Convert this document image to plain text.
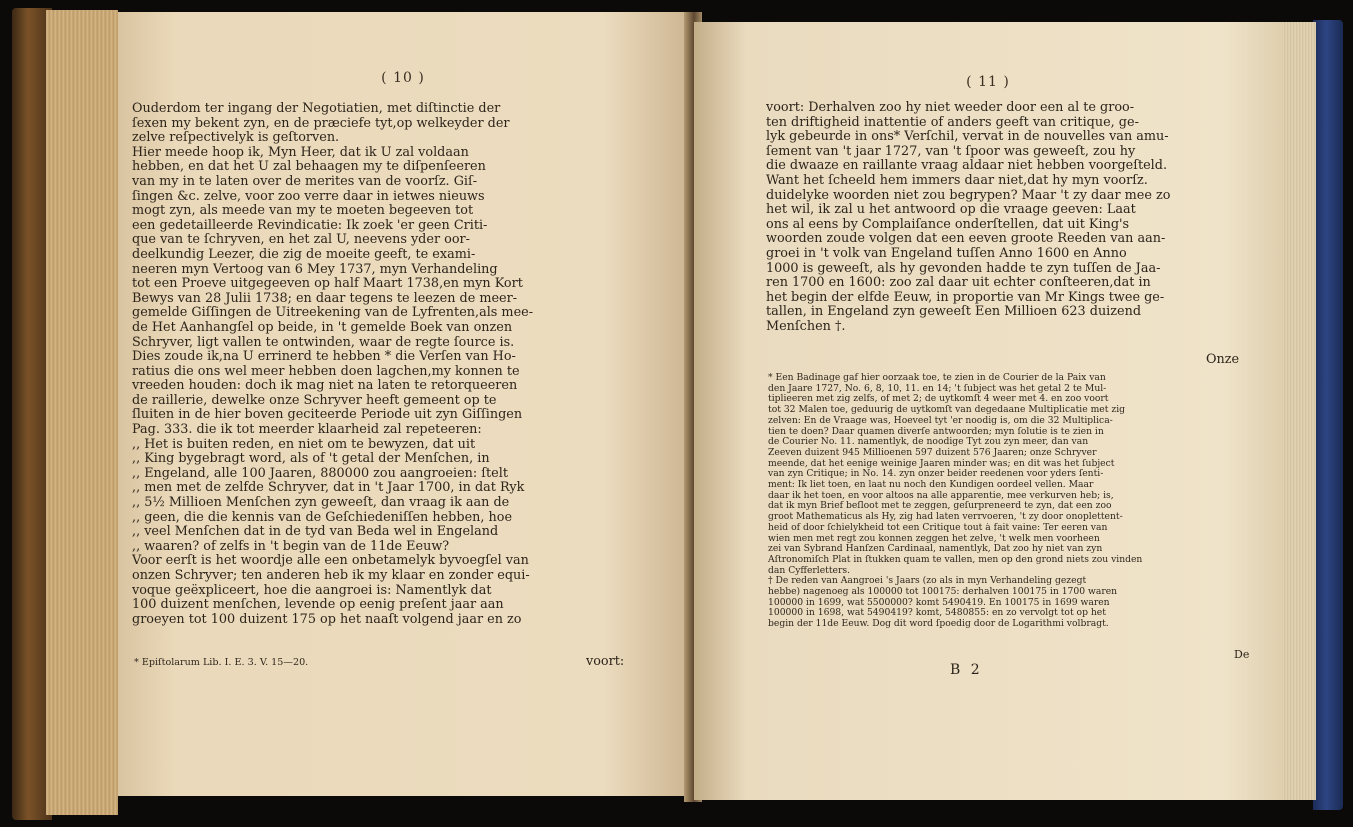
( 10 )
Ouderdom ter ingang der Negotiatien, met diſtinctie der
ſexen my bekent zyn, en de præciefe tyt,op welkeyder der
zelve reſpectivelyk is geſtorven.
Hier meede hoop ik, Myn Heer, dat ik U zal voldaan
hebben, en dat het U zal behaagen my te diſpenſeeren
van my in te laten over de merites van de voorſz. Giſ-
ſingen &c. zelve, voor zoo verre daar in ietwes nieuws
mogt zyn, als meede van my te moeten begeeven tot
een gedetailleerde Revindicatie: Ik zoek 'er geen Criti-
que van te ſchryven, en het zal U, neevens yder oor-
deelkundig Leezer, die zig de moeite geeft, te exami-
neeren myn Vertoog van 6 Mey 1737, myn Verhandeling
tot een Proeve uitgegeeven op half Maart 1738,en myn Kort
Bewys van 28 Julii 1738; en daar tegens te leezen de meer-
gemelde Giſſingen de Uitreekening van de Lyfrenten,als mee-
de Het Aanhangſel op beide, in 't gemelde Boek van onzen
Schryver, ligt vallen te ontwinden, waar de regte ſource is.
Dies zoude ik,na U errinerd te hebben * die Verſen van Ho-
ratius die ons wel meer hebben doen lagchen,my konnen te
vreeden houden: doch ik mag niet na laten te retorqueeren
de raillerie, dewelke onze Schryver heeft gemeent op te
ſluiten in de hier boven geciteerde Periode uit zyn Giſſingen
Pag. 333. die ik tot meerder klaarheid zal repeteeren:
,, Het is buiten reden, en niet om te bewyzen, dat uit
,, King bygebragt word, als of 't getal der Menſchen, in
,, Engeland, alle 100 Jaaren, 880000 zou aangroeien: ſtelt
,, men met de zelfde Schryver, dat in 't Jaar 1700, in dat Ryk
,, 5½ Millioen Menſchen zyn geweeſt, dan vraag ik aan de
,, geen, die die kennis van de Geſchiedeniſſen hebben, hoe
,, veel Menſchen dat in de tyd van Beda wel in Engeland
,, waaren? of zelfs in 't begin van de 11de Eeuw?
Voor eerſt is het woordje alle een onbetamelyk byvoegſel van
onzen Schryver; ten anderen heb ik my klaar en zonder equi-
voque geëxpliceert, hoe die aangroei is: Namentlyk dat
100 duizent menſchen, levende op eenig preſent jaar aan
groeyen tot 100 duizent 175 op het naaſt volgend jaar en zo
voort:
* Epiſtolarum Lib. I. E. 3. V. 15—20.
( 11 )
voort: Derhalven zoo hy niet weeder door een al te groo-
ten driftigheid inattentie of anders geeft van critique, ge-
lyk gebeurde in ons* Verſchil, vervat in de nouvelles van amu-
ſement van 't jaar 1727, van 't ſpoor was geweeſt, zou hy
die dwaaze en raillante vraag aldaar niet hebben voorgeſteld.
Want het ſcheeld hem immers daar niet,dat hy myn voorſz.
duidelyke woorden niet zou begrypen? Maar 't zy daar mee zo
het wil, ik zal u het antwoord op die vraage geeven: Laat
ons al eens by Complaiſance onderſtellen, dat uit King's
woorden zoude volgen dat een eeven groote Reeden van aan-
groei in 't volk van Engeland tuſſen Anno 1600 en Anno
1000 is geweeſt, als hy gevonden hadde te zyn tuſſen de Jaa-
ren 1700 en 1600: zoo zal daar uit echter conſteeren,dat in
het begin der elfde Eeuw, in proportie van Mr Kings twee ge-
tallen, in Engeland zyn geweeſt Een Millioen 623 duizend
Menſchen †.
Onze
* Een Badinage gaf hier oorzaak toe, te zien in de Courier de la Paix van
den Jaare 1727, No. 6, 8, 10, 11. en 14; 't ſubject was het getal 2 te Mul-
tiplieeren met zig zelfs, of met 2; de uytkomſt 4 weer met 4. en zoo voort
tot 32 Malen toe, geduurig de uytkomſt van degedaane Multiplicatie met zig
zelven: En de Vraage was, Hoeveel tyt 'er noodig is, om die 32 Multiplica-
tien te doen? Daar quamen diverſe antwoorden; myn ſolutie is te zien in
de Courier No. 11. namentlyk, de noodige Tyt zou zyn meer, dan van
Zeeven duizent 945 Millioenen 597 duizent 576 Jaaren; onze Schryver
meende, dat het eenige weinige Jaaren minder was; en dit was het ſubject
van zyn Critique; in No. 14. zyn onzer beider reedenen voor yders ſenti-
ment: Ik liet toen, en laat nu noch den Kundigen oordeel vellen. Maar
daar ik het toen, en voor altoos na alle apparentie, mee verkurven heb; is,
dat ik myn Brief beſloot met te zeggen, geſurpreneerd te zyn, dat een zoo
groot Mathematicus als Hy, zig had laten verrvoeren, 't zy door onoplettent-
heid of door ſchielykheid tot een Critique tout à fait vaine: Ter eeren van
wien men met regt zou konnen zeggen het zelve, 't welk men voorheen
zei van Sybrand Hanſzen Cardinaal, namentlyk, Dat zoo hy niet van zyn
Aſtronomiſch Plat in ſtukken quam te vallen, men op den grond niets zou vinden
dan Cyfferletters.
† De reden van Aangroei 's Jaars (zo als in myn Verhandeling gezegt
hebbe) nagenoeg als 100000 tot 100175: derhalven 100175 in 1700 waren
100000 in 1699, wat 5500000? komt 5490419. En 100175 in 1699 waren
100000 in 1698, wat 5490419? komt, 5480855: en zo vervolgt tot op het
begin der 11de Eeuw. Dog dit word ſpoedig door de Logarithmi volbragt.
De
B 2
